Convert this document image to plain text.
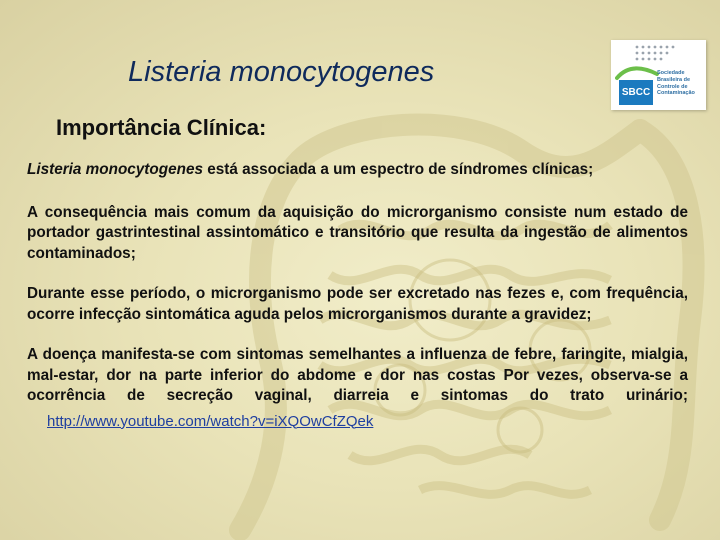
Listeria monocytogenes
SBCC
Sociedade Brasileira de Controle de Contaminação
Importância Clínica:

Listeria monocytogenes está associada a um espectro de síndromes clínicas;

A consequência mais comum da aquisição do microrganismo consiste num estado de portador gastrintestinal assintomático e transitório que resulta da ingestão de alimentos contaminados;

Durante esse período, o microrganismo pode ser excretado nas fezes e, com frequência, ocorre infecção sintomática aguda pelos microrganismos durante a gravidez;

A doença manifesta-se com sintomas semelhantes a influenza de febre, faringite, mialgia, mal-estar, dor na parte inferior do abdome e dor nas costas Por vezes, observa-se a ocorrência de secreção vaginal, diarreia e sintomas do trato urinário;http://www.youtube.com/watch?v=iXQOwCfZQek
